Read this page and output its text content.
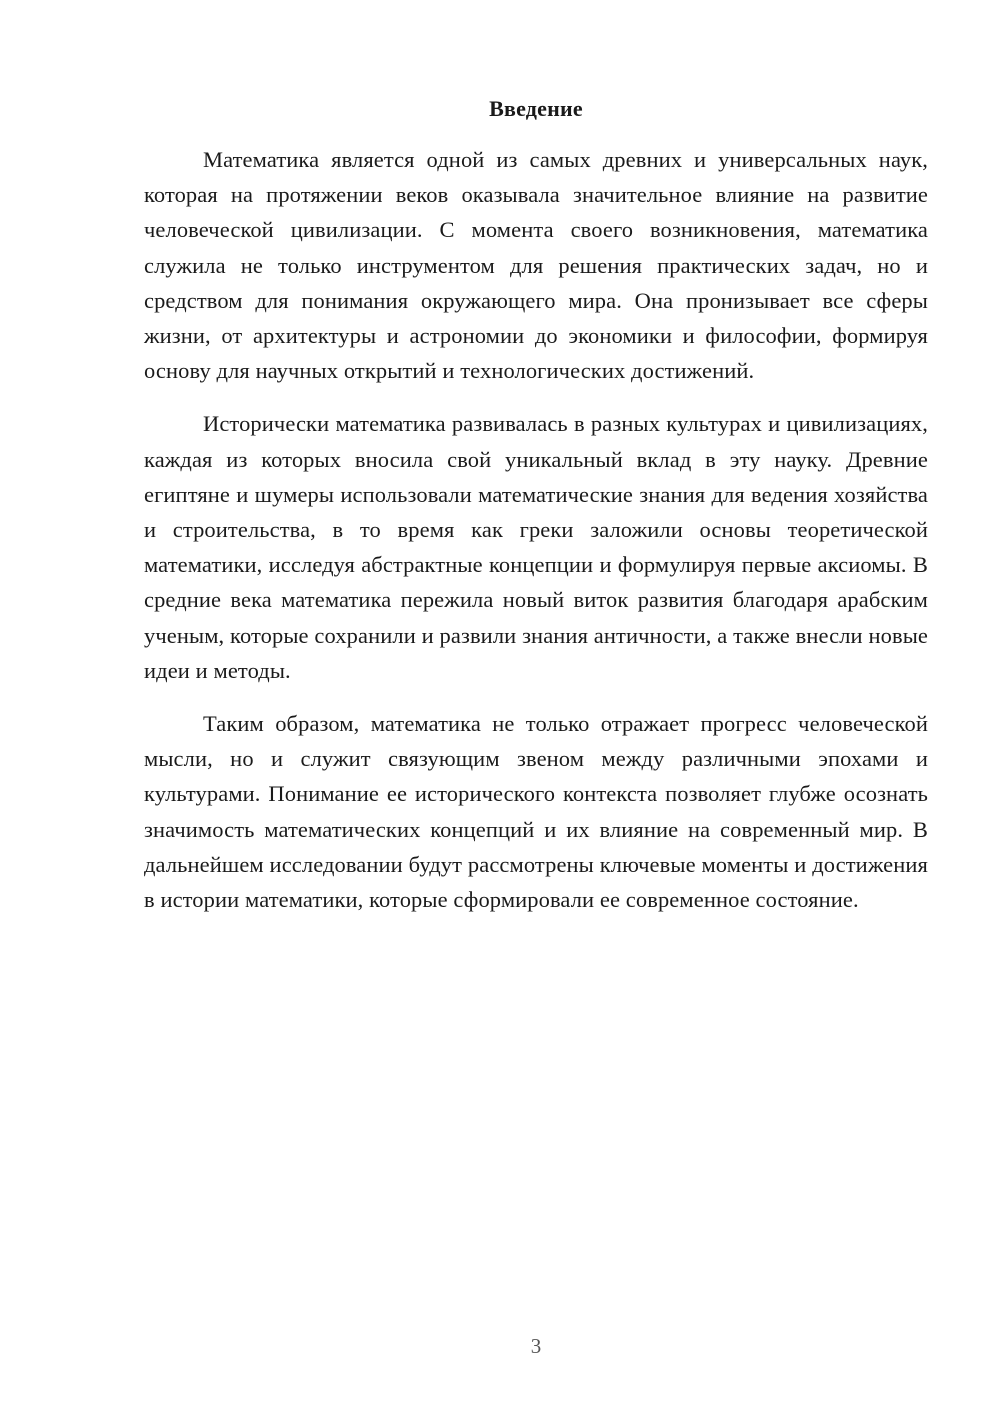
Введение

Математика является одной из самых древних и универсальных наук, которая на протяжении веков оказывала значительное влияние на развитие человеческой цивилизации. С момента своего возникновения, математика служила не только инструментом для решения практических задач, но и средством для понимания окружающего мира. Она пронизывает все сферы жизни, от архитектуры и астрономии до экономики и философии, формируя основу для научных открытий и технологических достижений.

Исторически математика развивалась в разных культурах и цивилизациях, каждая из которых вносила свой уникальный вклад в эту науку. Древние египтяне и шумеры использовали математические знания для ведения хозяйства и строительства, в то время как греки заложили основы теоретической математики, исследуя абстрактные концепции и формулируя первые аксиомы. В средние века математика пережила новый виток развития благодаря арабским ученым, которые сохранили и развили знания античности, а также внесли новые идеи и методы.

Таким образом, математика не только отражает прогресс человеческой мысли, но и служит связующим звеном между различными эпохами и культурами. Понимание ее исторического контекста позволяет глубже осознать значимость математических концепций и их влияние на современный мир. В дальнейшем исследовании будут рассмотрены ключевые моменты и достижения в истории математики, которые сформировали ее современное состояние.

3
